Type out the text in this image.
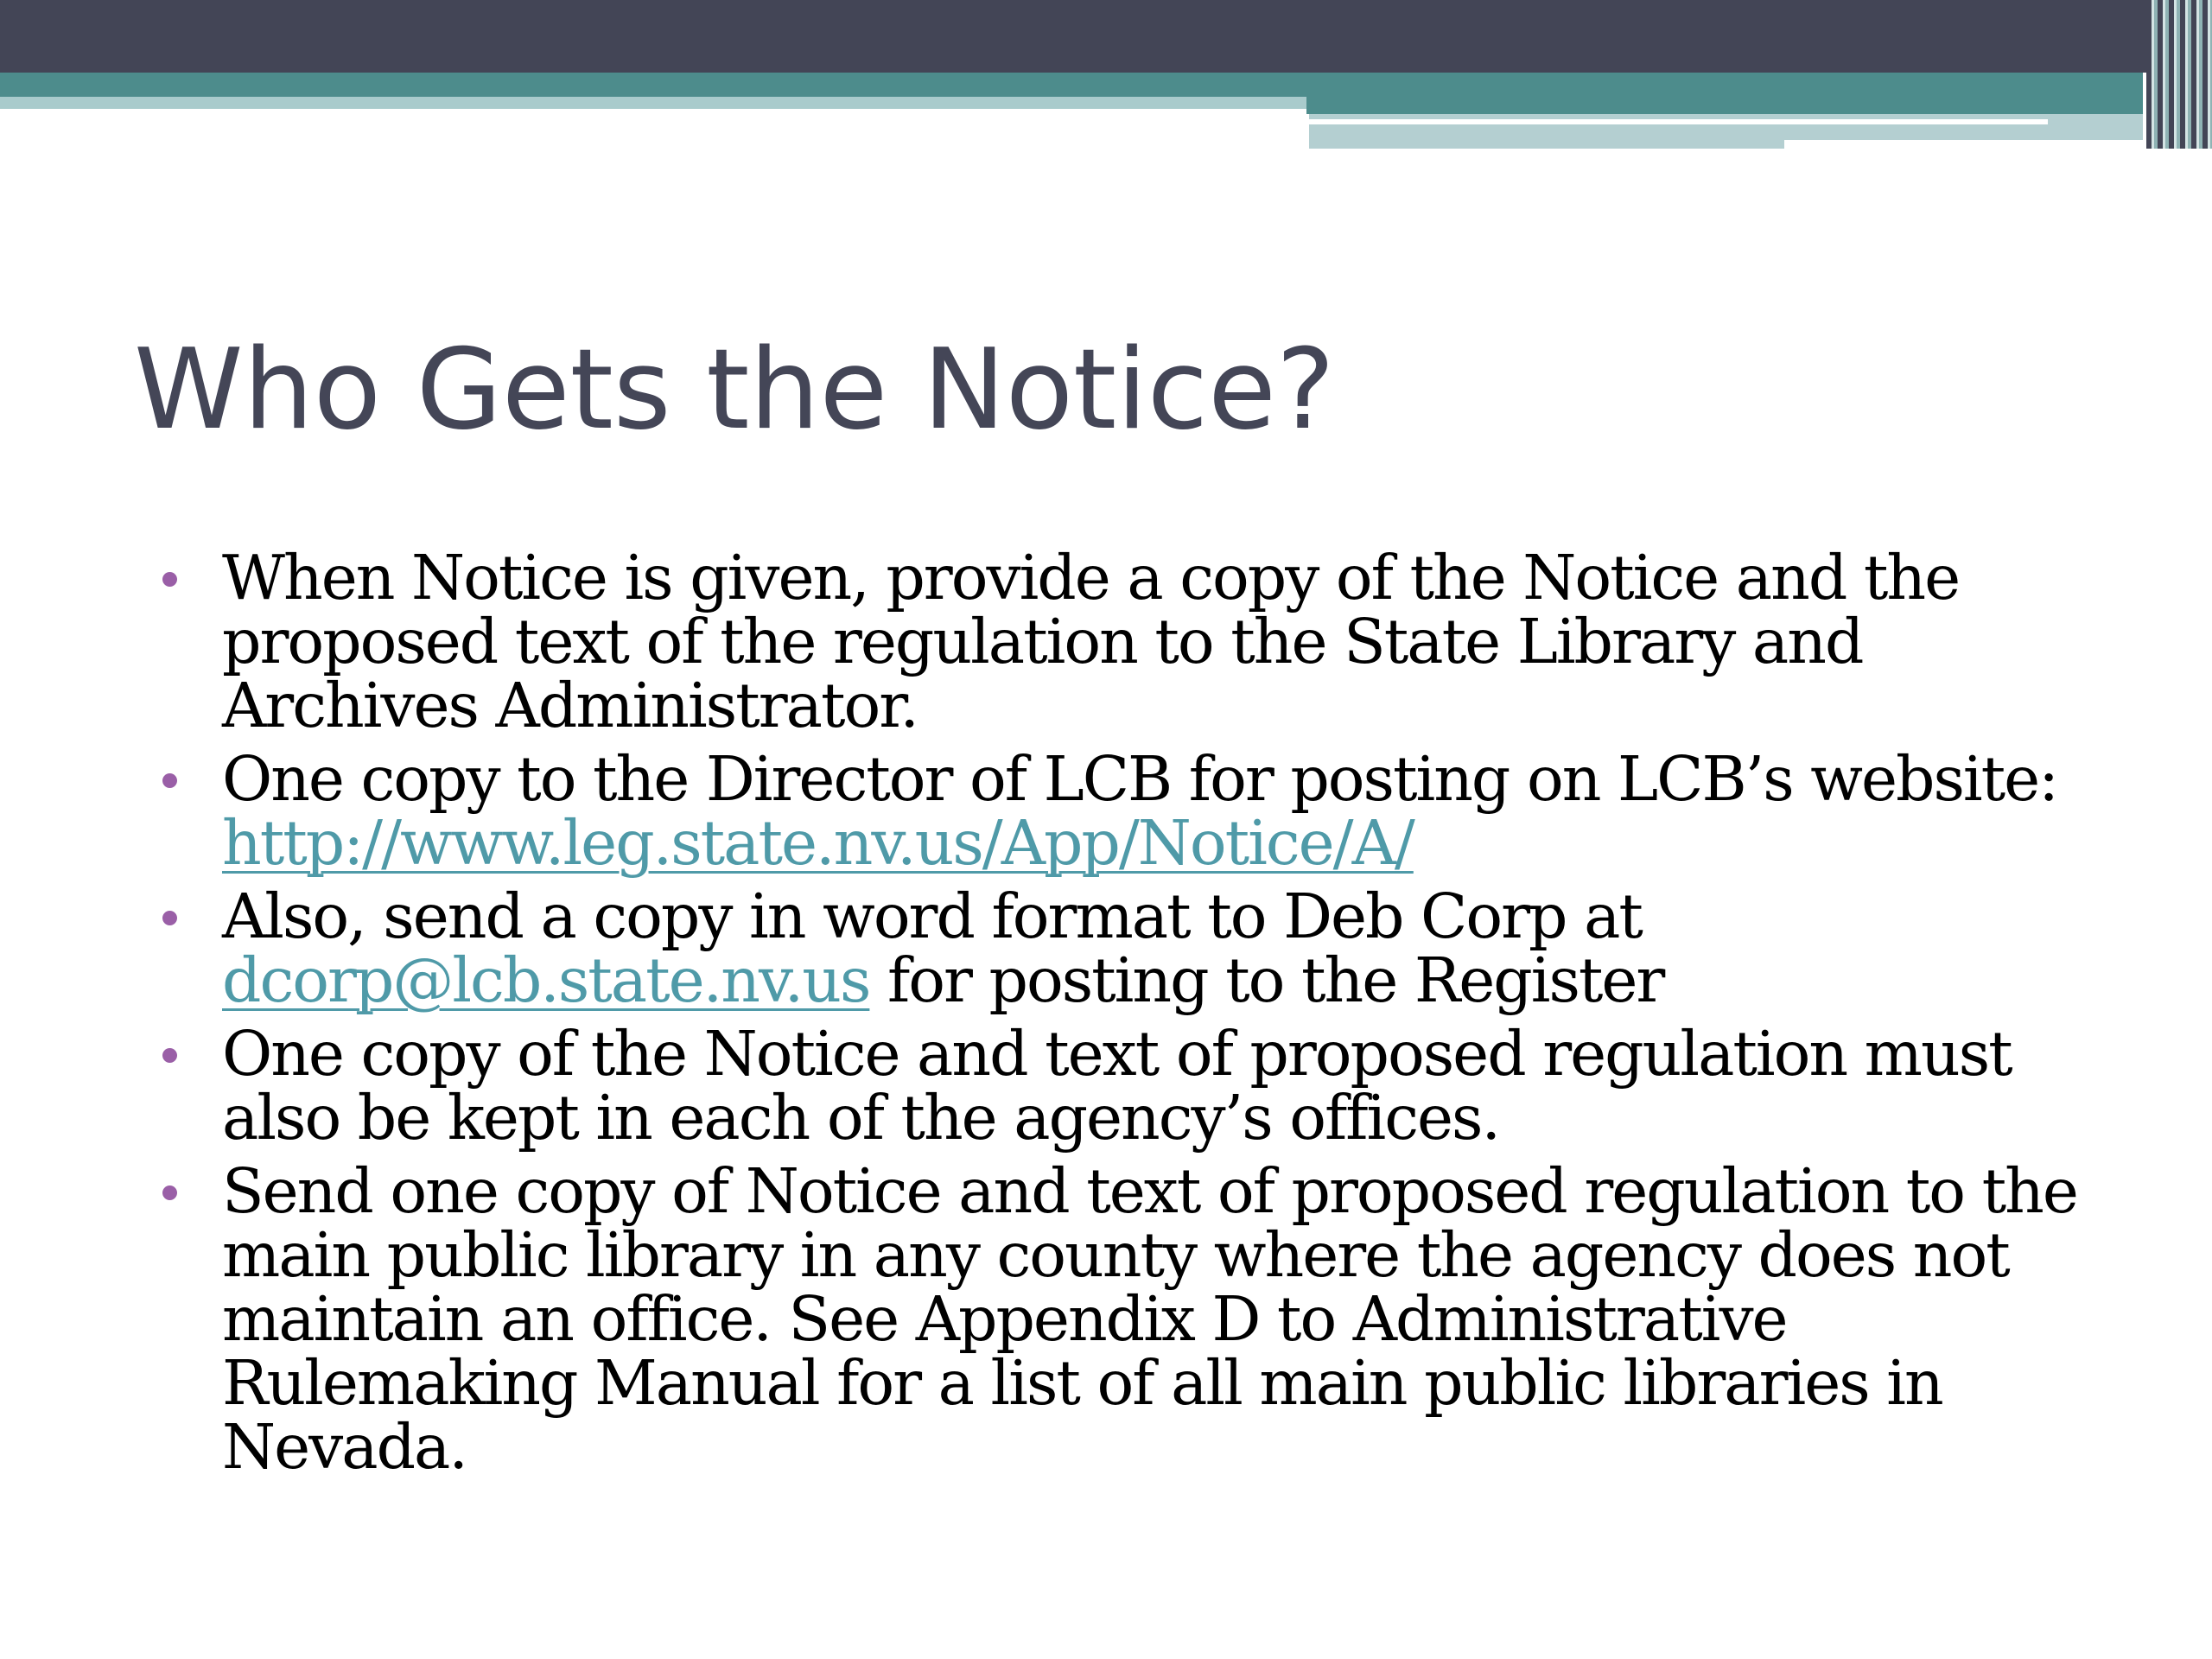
Who Gets the Notice?
When Notice is given, provide a copy of the Notice and the proposed text of the regulation to the State Library and Archives Administrator.
One copy to the Director of LCB for posting on LCB’s website: http://www.leg.state.nv.us/App/Notice/A/
Also, send a copy in word format to Deb Corp at dcorp@lcb.state.nv.us for posting to the Register
One copy of the Notice and text of proposed regulation must also be kept in each of the agency’s offices.
Send one copy of Notice and text of proposed regulation to the main public library in any county where the agency does not maintain an office. See Appendix D to Administrative Rulemaking Manual for a list of all main public libraries in Nevada.
